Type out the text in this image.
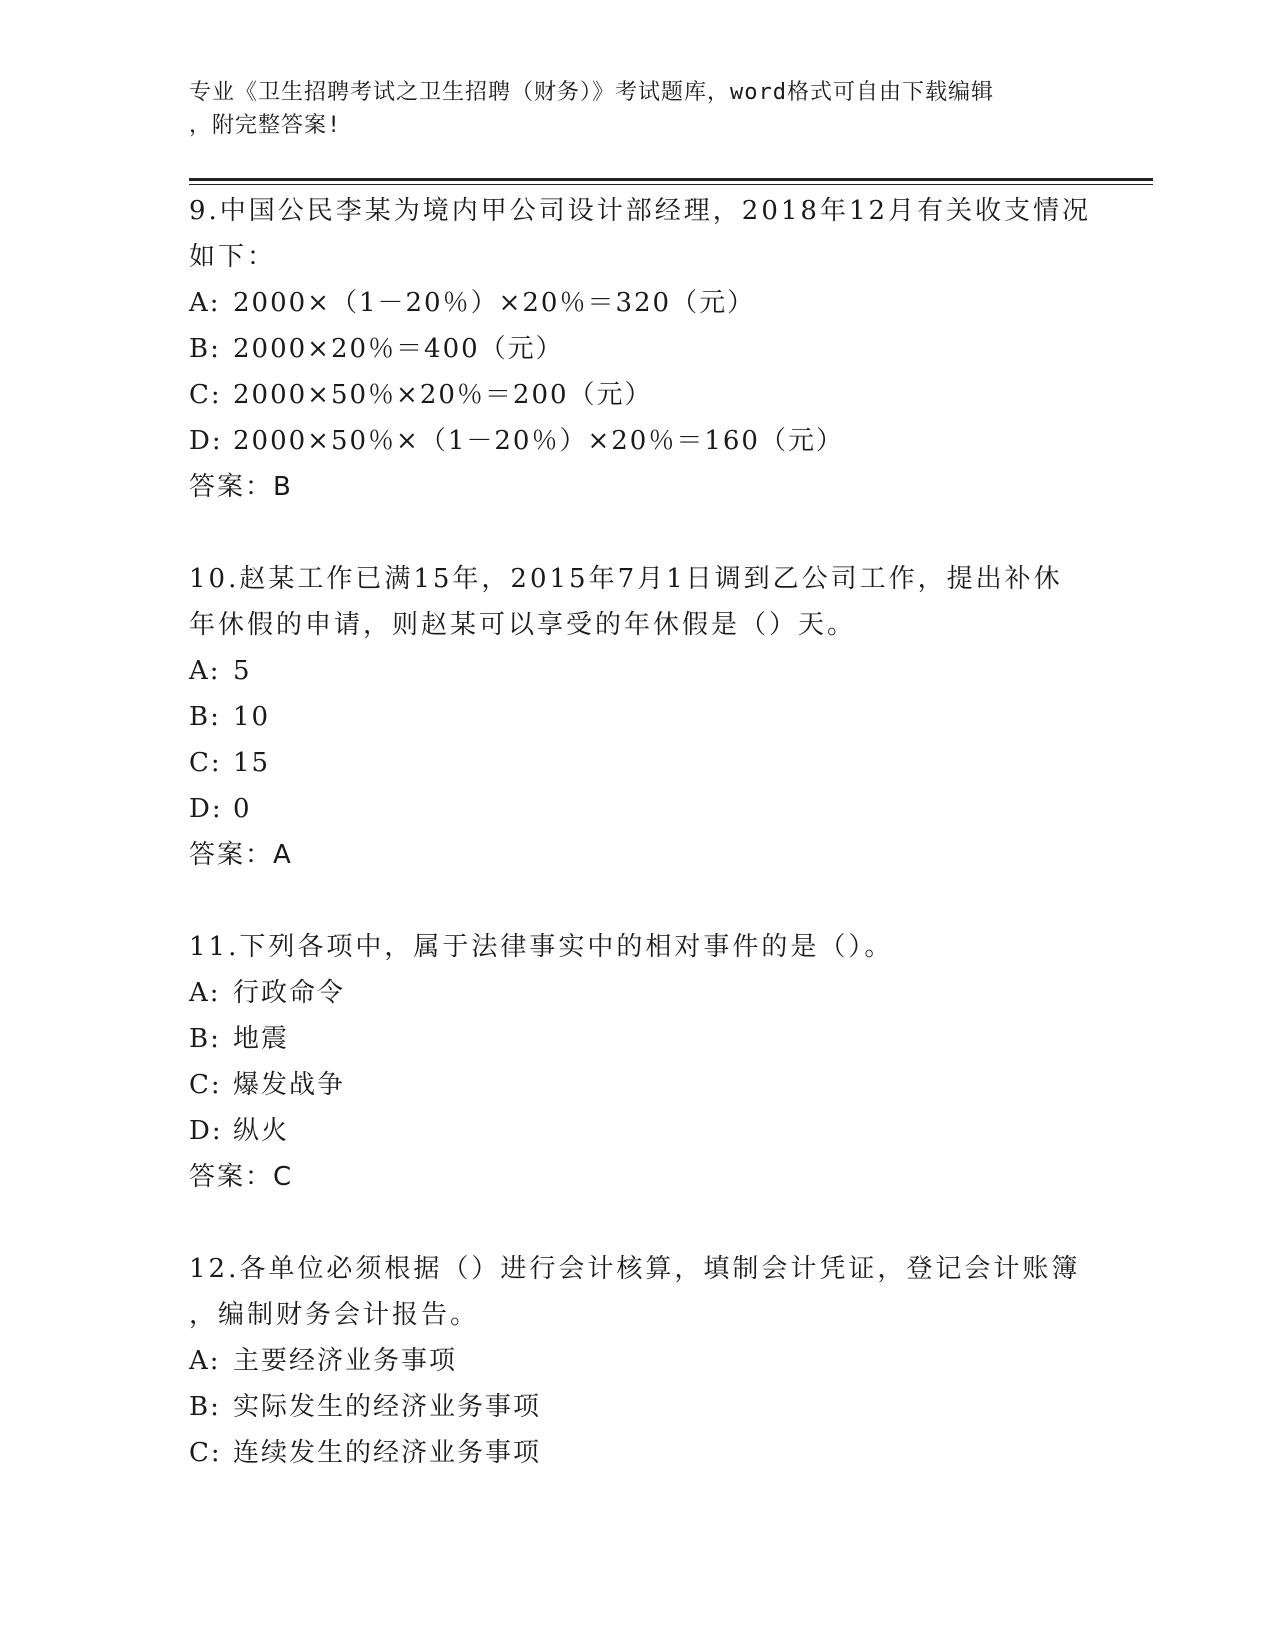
专业《卫生招聘考试之卫生招聘（财务）》考试题库，word格式可自由下载编辑
，附完整答案!
9.中国公民李某为境内甲公司设计部经理，2018年12月有关收支情况
如下：
A: 2000×（1－20％）×20％＝320（元）
B: 2000×20％＝400（元）
C: 2000×50％×20％＝200（元）
D: 2000×50％×（1－20％）×20％＝160（元）
答案：B
10.赵某工作已满15年，2015年7月1日调到乙公司工作，提出补休
年休假的申请，则赵某可以享受的年休假是（）天。
A: 5
B: 10
C: 15
D: 0
答案：A
11.下列各项中，属于法律事实中的相对事件的是（）。
A: 行政命令
B: 地震
C: 爆发战争
D: 纵火
答案：C
12.各单位必须根据（）进行会计核算，填制会计凭证，登记会计账簿
，编制财务会计报告。
A: 主要经济业务事项
B: 实际发生的经济业务事项
C: 连续发生的经济业务事项
